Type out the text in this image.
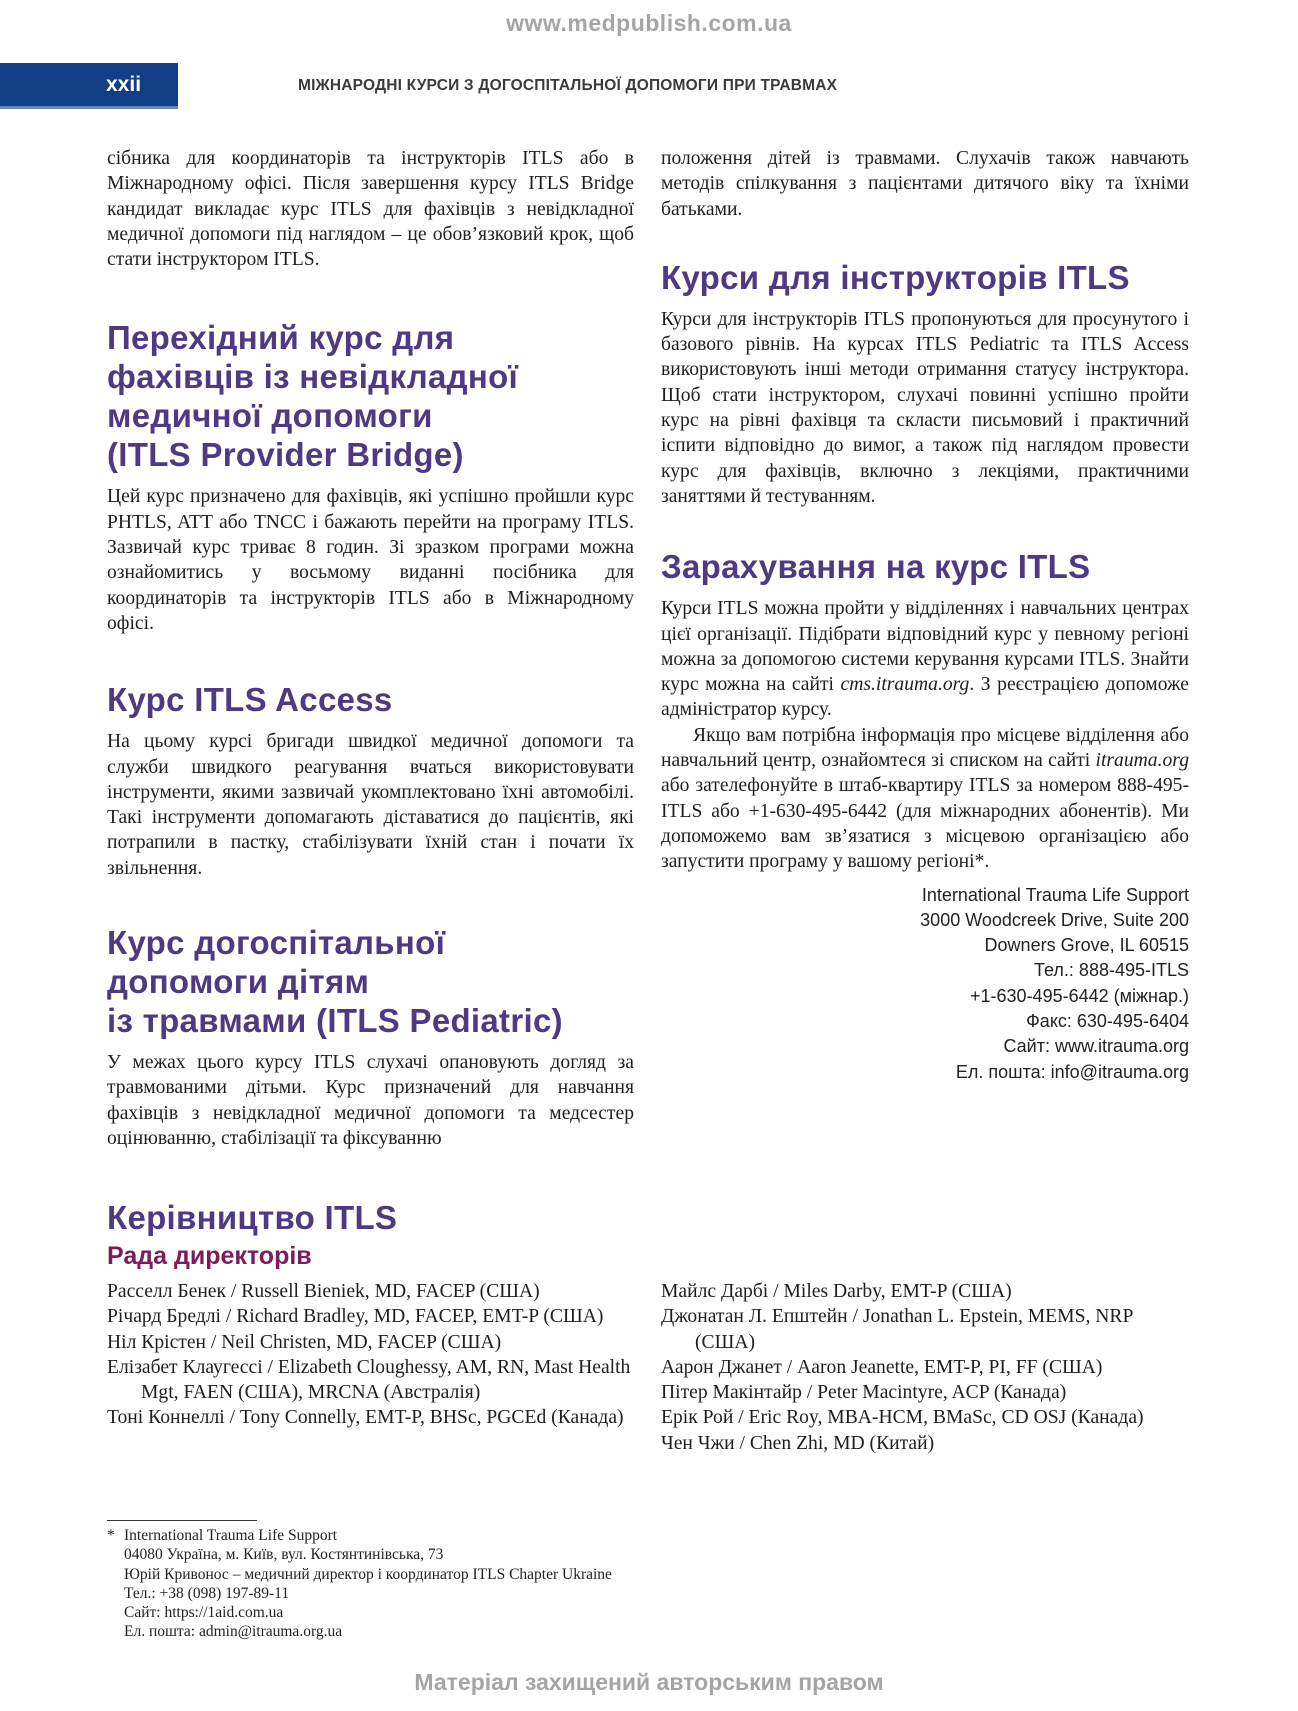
www.medpublish.com.ua
xxii	МІЖНАРОДНІ КУРСИ З ДОГОСПІТАЛЬНОЇ ДОПОМОГИ ПРИ ТРАВМАХ

сібника для координаторів та інструкторів ITLS або в Міжнародному офісі. Після завершення курсу ITLS Bridge кандидат викладає курс ITLS для фахівців з невідкладної медичної допомоги під наглядом – це обов’язковий крок, щоб стати інструктором ITLS.

Перехідний курс для
фахівців із невідкладної
медичної допомоги
(ITLS Provider Bridge)

Цей курс призначено для фахівців, які успішно пройшли курс PHTLS, ATT або TNCC і бажають перейти на програму ITLS. Зазвичай курс триває 8 годин. Зі зразком програми можна ознайомитись у восьмому виданні посібника для координаторів та інструкторів ITLS або в Міжнародному офісі.

Курс ITLS Access

На цьому курсі бригади швидкої медичної допомоги та служби швидкого реагування вчаться використовувати інструменти, якими зазвичай укомплектовано їхні автомобілі. Такі інструменти допомагають діставатися до пацієнтів, які потрапили в пастку, стабілізувати їхній стан і почати їх звільнення.

Курс догоспітальної
допомоги дітям
із травмами (ITLS Pediatric)

У межах цього курсу ITLS слухачі опановують догляд за травмованими дітьми. Курс призначений для навчання фахівців з невідкладної медичної допомоги та медсестер оцінюванню, стабілізації та фіксуванню

положення дітей із травмами. Слухачів також навчають методів спілкування з пацієнтами дитячого віку та їхніми батьками.

Курси для інструкторів ITLS

Курси для інструкторів ITLS пропонуються для просунутого і базового рівнів. На курсах ITLS Pediatric та ITLS Access використовують інші методи отримання статусу інструктора. Щоб стати інструктором, слухачі повинні успішно пройти курс на рівні фахівця та скласти письмовий і практичний іспити відповідно до вимог, а також під наглядом провести курс для фахівців, включно з лекціями, практичними заняттями й тестуванням.

Зарахування на курс ITLS

Курси ITLS можна пройти у відділеннях і навчальних центрах цієї організації. Підібрати відповідний курс у певному регіоні можна за допомогою системи керування курсами ITLS. Знайти курс можна на сайті cms.itrauma.org. З реєстрацією допоможе адміністратор курсу.

Якщо вам потрібна інформація про місцеве відділення або навчальний центр, ознайомтеся зі списком на сайті itrauma.org або зателефонуйте в штаб-квартиру ITLS за номером 888-495-ITLS або +1-630-495-6442 (для міжнародних абонентів). Ми допоможемо вам зв’язатися з місцевою організацією або запустити програму у вашому регіоні*.

International Trauma Life Support
3000 Woodcreek Drive, Suite 200
Downers Grove, IL 60515
Тел.: 888-495-ITLS
+1-630-495-6442 (міжнар.)
Факс: 630-495-6404
Сайт: www.itrauma.org
Ел. пошта: info@itrauma.org
Керівництво ITLS
Рада директорів
Расселл Бенек / Russell Bieniek, MD, FACEP (США)
Річард Бредлі / Richard Bradley, MD, FACEP, EMT-P (США)
Ніл Крістен / Neil Christen, MD, FACEP (США)
Елізабет Клаугессі / Elizabeth Cloughessy, AM, RN, Mast Health Mgt, FAEN (США), MRCNA (Австралія)
Тоні Коннеллі / Tony Connelly, EMT-P, BHSc, PGCEd (Канада)
Майлс Дарбі / Miles Darby, EMT-P (США)
Джонатан Л. Епштейн / Jonathan L. Epstein, MEMS, NRP (США)
Аарон Джанет / Aaron Jeanette, EMT-P, PI, FF (США)
Пітер Макінтайр / Peter Macintyre, ACP (Канада)
Ерік Рой / Eric Roy, MBA-HCM, BMaSc, CD OSJ (Канада)
Чен Чжи / Chen Zhi, MD (Китай)
* International Trauma Life Support
04080 Україна, м. Київ, вул. Костянтинівська, 73
Юрій Кривонос – медичний директор і координатор ITLS Chapter Ukraine
Тел.: +38 (098) 197-89-11
Сайт: https://1aid.com.ua
Ел. пошта: admin@itrauma.org.ua
Матеріал захищений авторським правом
